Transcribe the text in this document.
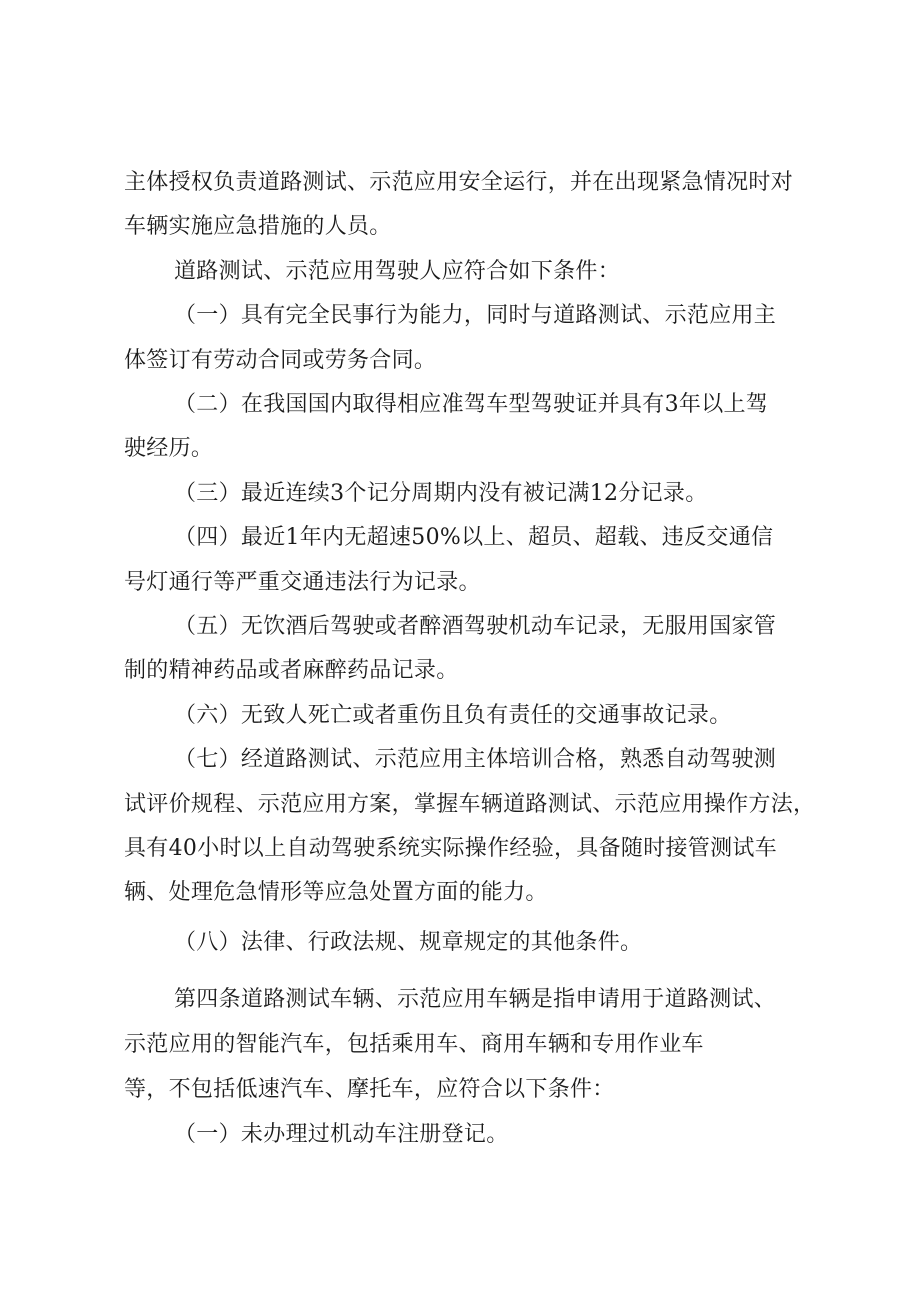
主体授权负责道路测试、示范应用安全运行，并在出现紧急情况时对
车辆实施应急措施的人员。
道路测试、示范应用驾驶人应符合如下条件：
（一）具有完全民事行为能力，同时与道路测试、示范应用主
体签订有劳动合同或劳务合同。
（二）在我国国内取得相应准驾车型驾驶证并具有3年以上驾
驶经历。
（三）最近连续3个记分周期内没有被记满12分记录。
（四）最近1年内无超速50%以上、超员、超载、违反交通信
号灯通行等严重交通违法行为记录。
（五）无饮酒后驾驶或者醉酒驾驶机动车记录，无服用国家管
制的精神药品或者麻醉药品记录。
（六）无致人死亡或者重伤且负有责任的交通事故记录。
（七）经道路测试、示范应用主体培训合格，熟悉自动驾驶测
试评价规程、示范应用方案，掌握车辆道路测试、示范应用操作方法，
具有40小时以上自动驾驶系统实际操作经验，具备随时接管测试车
辆、处理危急情形等应急处置方面的能力。
（八）法律、行政法规、规章规定的其他条件。
第四条道路测试车辆、示范应用车辆是指申请用于道路测试、
示范应用的智能汽车，包括乘用车、商用车辆和专用作业车
等，不包括低速汽车、摩托车，应符合以下条件：
（一）未办理过机动车注册登记。
